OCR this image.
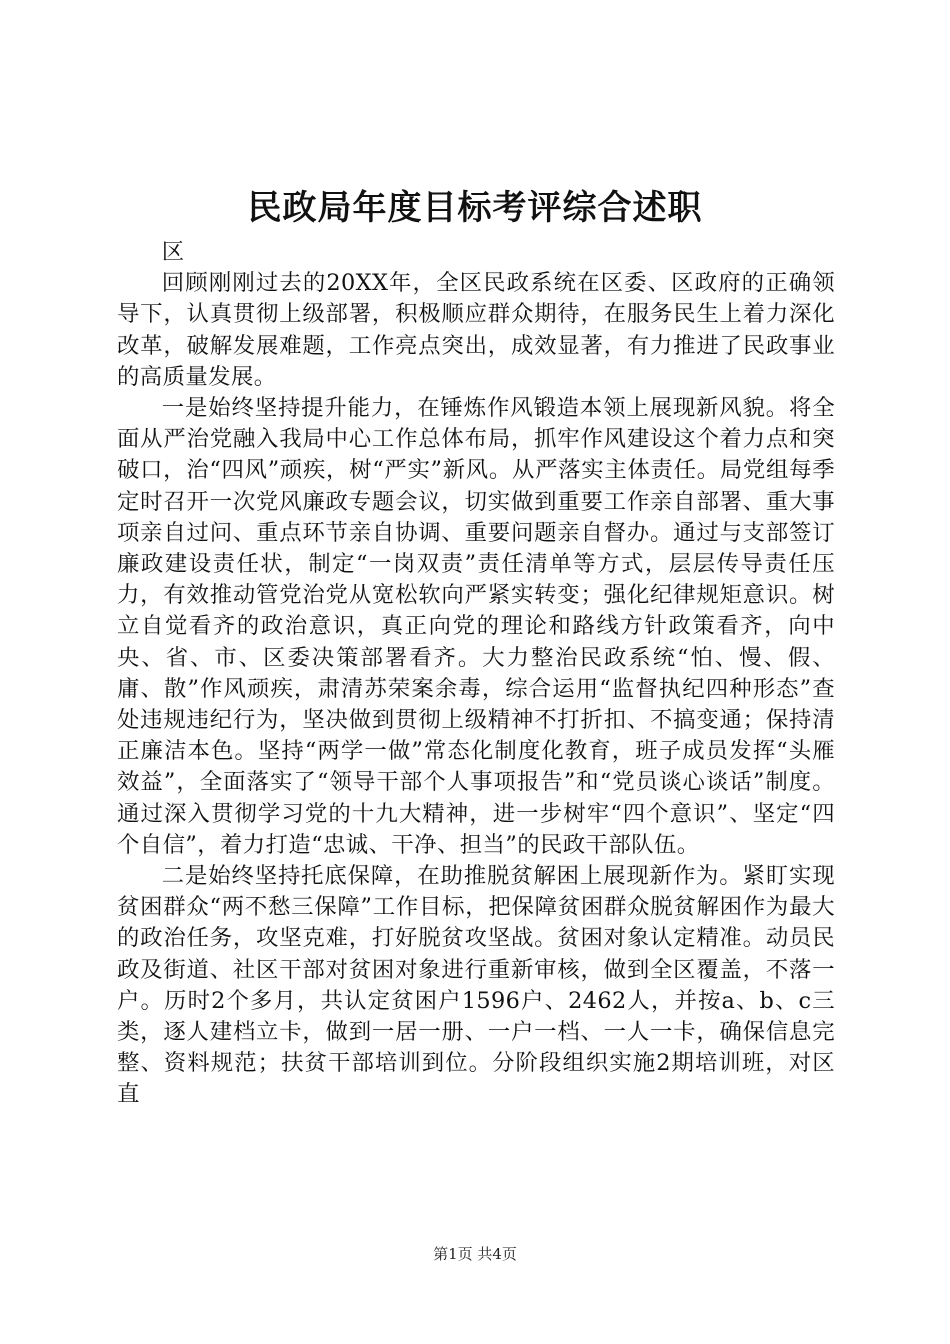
民政局年度目标考评综合述职

区

回顾刚刚过去的20XX年，全区民政系统在区委、区政府的正确领导下，认真贯彻上级部署，积极顺应群众期待，在服务民生上着力深化改革，破解发展难题，工作亮点突出，成效显著，有力推进了民政事业的高质量发展。

一是始终坚持提升能力，在锤炼作风锻造本领上展现新风貌。将全面从严治党融入我局中心工作总体布局，抓牢作风建设这个着力点和突破口，治“四风”顽疾，树“严实”新风。从严落实主体责任。局党组每季定时召开一次党风廉政专题会议，切实做到重要工作亲自部署、重大事项亲自过问、重点环节亲自协调、重要问题亲自督办。通过与支部签订廉政建设责任状，制定“一岗双责”责任清单等方式，层层传导责任压力，有效推动管党治党从宽松软向严紧实转变；强化纪律规矩意识。树立自觉看齐的政治意识，真正向党的理论和路线方针政策看齐，向中央、省、市、区委决策部署看齐。大力整治民政系统“怕、慢、假、庸、散”作风顽疾，肃清苏荣案余毒，综合运用“监督执纪四种形态”查处违规违纪行为，坚决做到贯彻上级精神不打折扣、不搞变通；保持清正廉洁本色。坚持“两学一做”常态化制度化教育，班子成员发挥“头雁效益”，全面落实了“领导干部个人事项报告”和“党员谈心谈话”制度。通过深入贯彻学习党的十九大精神，进一步树牢“四个意识”、坚定“四个自信”，着力打造“忠诚、干净、担当”的民政干部队伍。

二是始终坚持托底保障，在助推脱贫解困上展现新作为。紧盯实现贫困群众“两不愁三保障”工作目标，把保障贫困群众脱贫解困作为最大的政治任务，攻坚克难，打好脱贫攻坚战。贫困对象认定精准。动员民政及街道、社区干部对贫困对象进行重新审核，做到全区覆盖，不落一户。历时2个多月，共认定贫困户1596户、2462人，并按a、b、c三类，逐人建档立卡，做到一居一册、一户一档、一人一卡，确保信息完整、资料规范；扶贫干部培训到位。分阶段组织实施2期培训班，对区直

第1页 共4页
